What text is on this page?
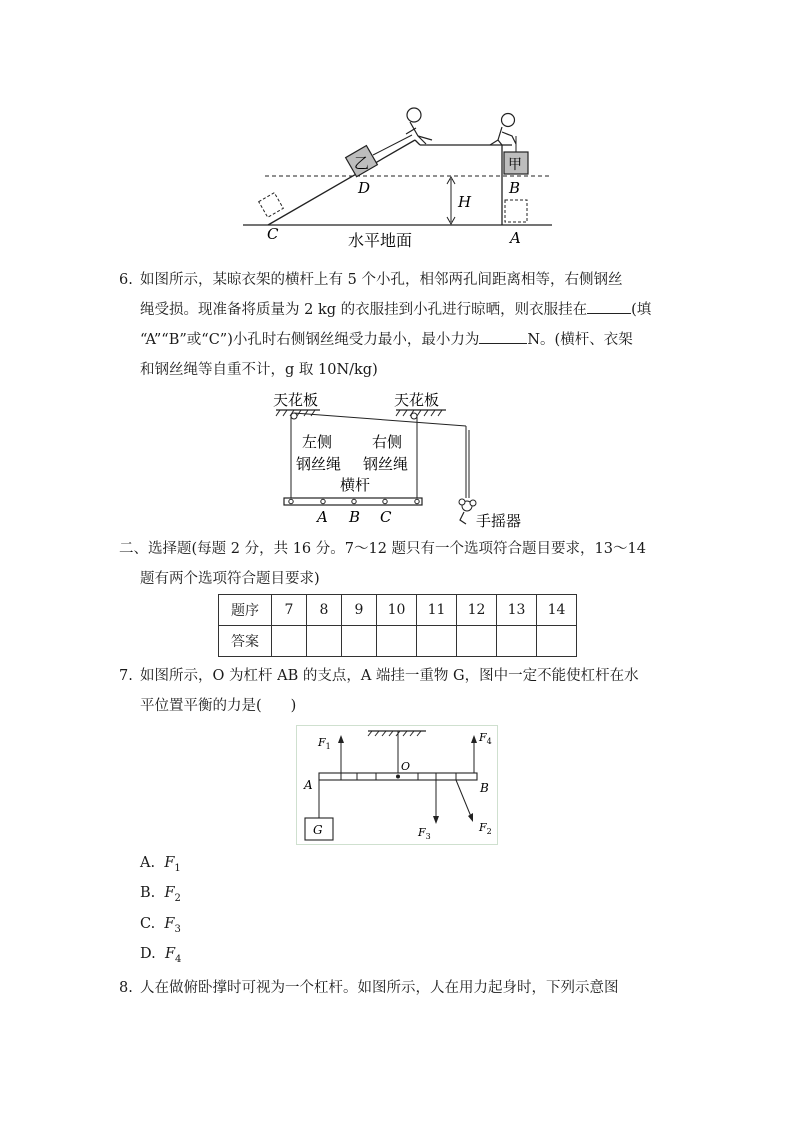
乙	甲
H
C
D	B
A
水平地面
6. 如图所示，某晾衣架的横杆上有 5 个小孔，相邻两孔间距离相等，右侧钢丝
绳受损。现准备将质量为 2 kg 的衣服挂到小孔进行晾晒，则衣服挂在	(填
“A”“B”或“C”)小孔时右侧钢丝绳受力最小，最小力为	N。(横杆、衣架
和钢丝绳等自重不计，g 取 10N/kg)
天花板	天花板
手摇器
左侧
钢丝绳
右侧
钢丝绳
横杆
A B C
二、选择题(每题 2 分，共 16 分。7～12 题只有一个选项符合题目要求，13～14
题有两个选项符合题目要求)
题序	7	8	9	10	11	12	13	14
答案								
7. 如图所示，O 为杠杆 AB 的支点，A 端挂一重物 G，图中一定不能使杠杆在水
平位置平衡的力是(　　)
O
A	B
G
$F_1$
$F_4$
$F_3$
$F_2$
A. $F_1$
B. $F_2$
C. $F_3$
D. $F_4$
8. 人在做俯卧撑时可视为一个杠杆。如图所示，人在用力起身时，下列示意图
